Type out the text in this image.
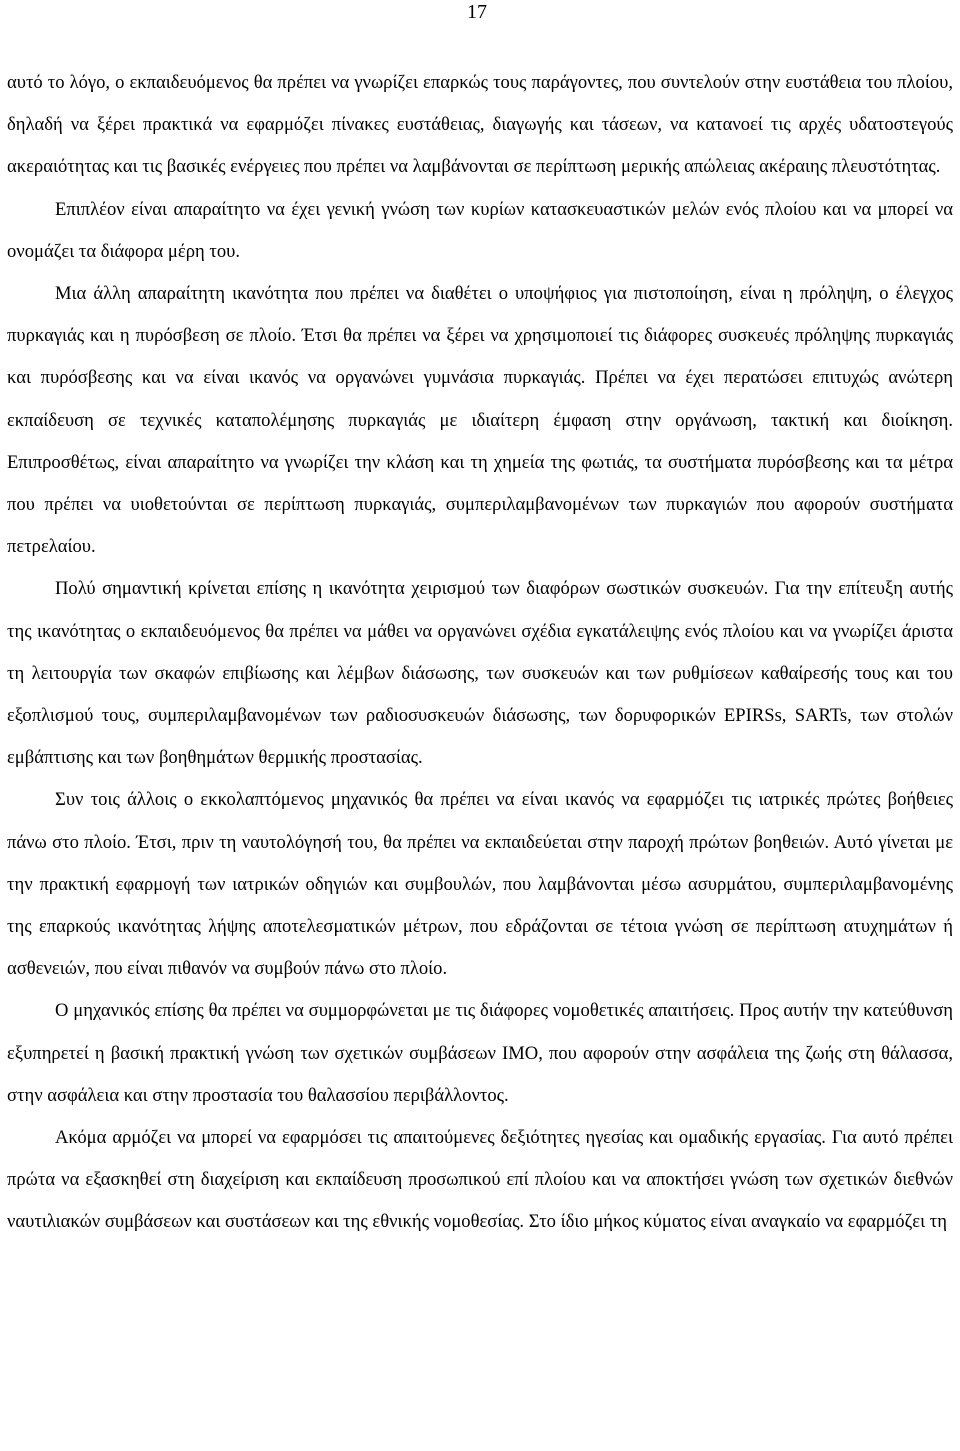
17

αυτό το λόγο, ο εκπαιδευόμενος θα πρέπει να γνωρίζει επαρκώς τους παράγοντες, που συντελούν στην ευστάθεια του πλοίου, δηλαδή να ξέρει πρακτικά να εφαρμόζει πίνακες ευστάθειας, διαγωγής και τάσεων, να κατανοεί τις αρχές υδατοστεγούς ακεραιότητας και τις βασικές ενέργειες που πρέπει να λαμβάνονται σε περίπτωση μερικής απώλειας ακέραιης πλευστότητας.

Επιπλέον είναι απαραίτητο να έχει γενική γνώση των κυρίων κατασκευαστικών μελών ενός πλοίου και να μπορεί να ονομάζει τα διάφορα μέρη του.

Μια άλλη απαραίτητη ικανότητα που πρέπει να διαθέτει ο υποψήφιος για πιστοποίηση, είναι η πρόληψη, ο έλεγχος πυρκαγιάς και η πυρόσβεση σε πλοίο. Έτσι θα πρέπει να ξέρει να χρησιμοποιεί τις διάφορες συσκευές πρόληψης πυρκαγιάς και πυρόσβεσης και να είναι ικανός να οργανώνει γυμνάσια πυρκαγιάς. Πρέπει να έχει περατώσει επιτυχώς ανώτερη εκπαίδευση σε τεχνικές καταπολέμησης πυρκαγιάς με ιδιαίτερη έμφαση στην οργάνωση, τακτική και διοίκηση. Επιπροσθέτως, είναι απαραίτητο να γνωρίζει την κλάση και τη χημεία της φωτιάς, τα συστήματα πυρόσβεσης και τα μέτρα που πρέπει να υιοθετούνται σε περίπτωση πυρκαγιάς, συμπεριλαμβανομένων των πυρκαγιών που αφορούν συστήματα πετρελαίου.

Πολύ σημαντική κρίνεται επίσης η ικανότητα χειρισμού των διαφόρων σωστικών συσκευών. Για την επίτευξη αυτής της ικανότητας ο εκπαιδευόμενος θα πρέπει να μάθει να οργανώνει σχέδια εγκατάλειψης ενός πλοίου και να γνωρίζει άριστα τη λειτουργία των σκαφών επιβίωσης και λέμβων διάσωσης, των συσκευών και των ρυθμίσεων καθαίρεσής τους και του εξοπλισμού τους, συμπεριλαμβανομένων των ραδιοσυσκευών διάσωσης, των δορυφορικών EPIRSs, SARTs, των στολών εμβάπτισης και των βοηθημάτων θερμικής προστασίας.

Συν τοις άλλοις ο εκκολαπτόμενος μηχανικός θα πρέπει να είναι ικανός να εφαρμόζει τις ιατρικές πρώτες βοήθειες πάνω στο πλοίο. Έτσι, πριν τη ναυτολόγησή του, θα πρέπει να εκπαιδεύεται στην παροχή πρώτων βοηθειών. Αυτό γίνεται με την πρακτική εφαρμογή των ιατρικών οδηγιών και συμβουλών, που λαμβάνονται μέσω ασυρμάτου, συμπεριλαμβανομένης της επαρκούς ικανότητας λήψης αποτελεσματικών μέτρων, που εδράζονται σε τέτοια γνώση σε περίπτωση ατυχημάτων ή ασθενειών, που είναι πιθανόν να συμβούν πάνω στο πλοίο.

Ο μηχανικός επίσης θα πρέπει να συμμορφώνεται με τις διάφορες νομοθετικές απαιτήσεις. Προς αυτήν την κατεύθυνση εξυπηρετεί η βασική πρακτική γνώση των σχετικών συμβάσεων ΙΜΟ, που αφορούν στην ασφάλεια της ζωής στη θάλασσα, στην ασφάλεια και στην προστασία του θαλασσίου περιβάλλοντος.

Ακόμα αρμόζει να μπορεί να εφαρμόσει τις απαιτούμενες δεξιότητες ηγεσίας και ομαδικής εργασίας. Για αυτό πρέπει πρώτα να εξασκηθεί στη διαχείριση και εκπαίδευση προσωπικού επί πλοίου και να αποκτήσει γνώση των σχετικών διεθνών ναυτιλιακών συμβάσεων και συστάσεων και της εθνικής νομοθεσίας. Στο ίδιο μήκος κύματος είναι αναγκαίο να εφαρμόζει τη
